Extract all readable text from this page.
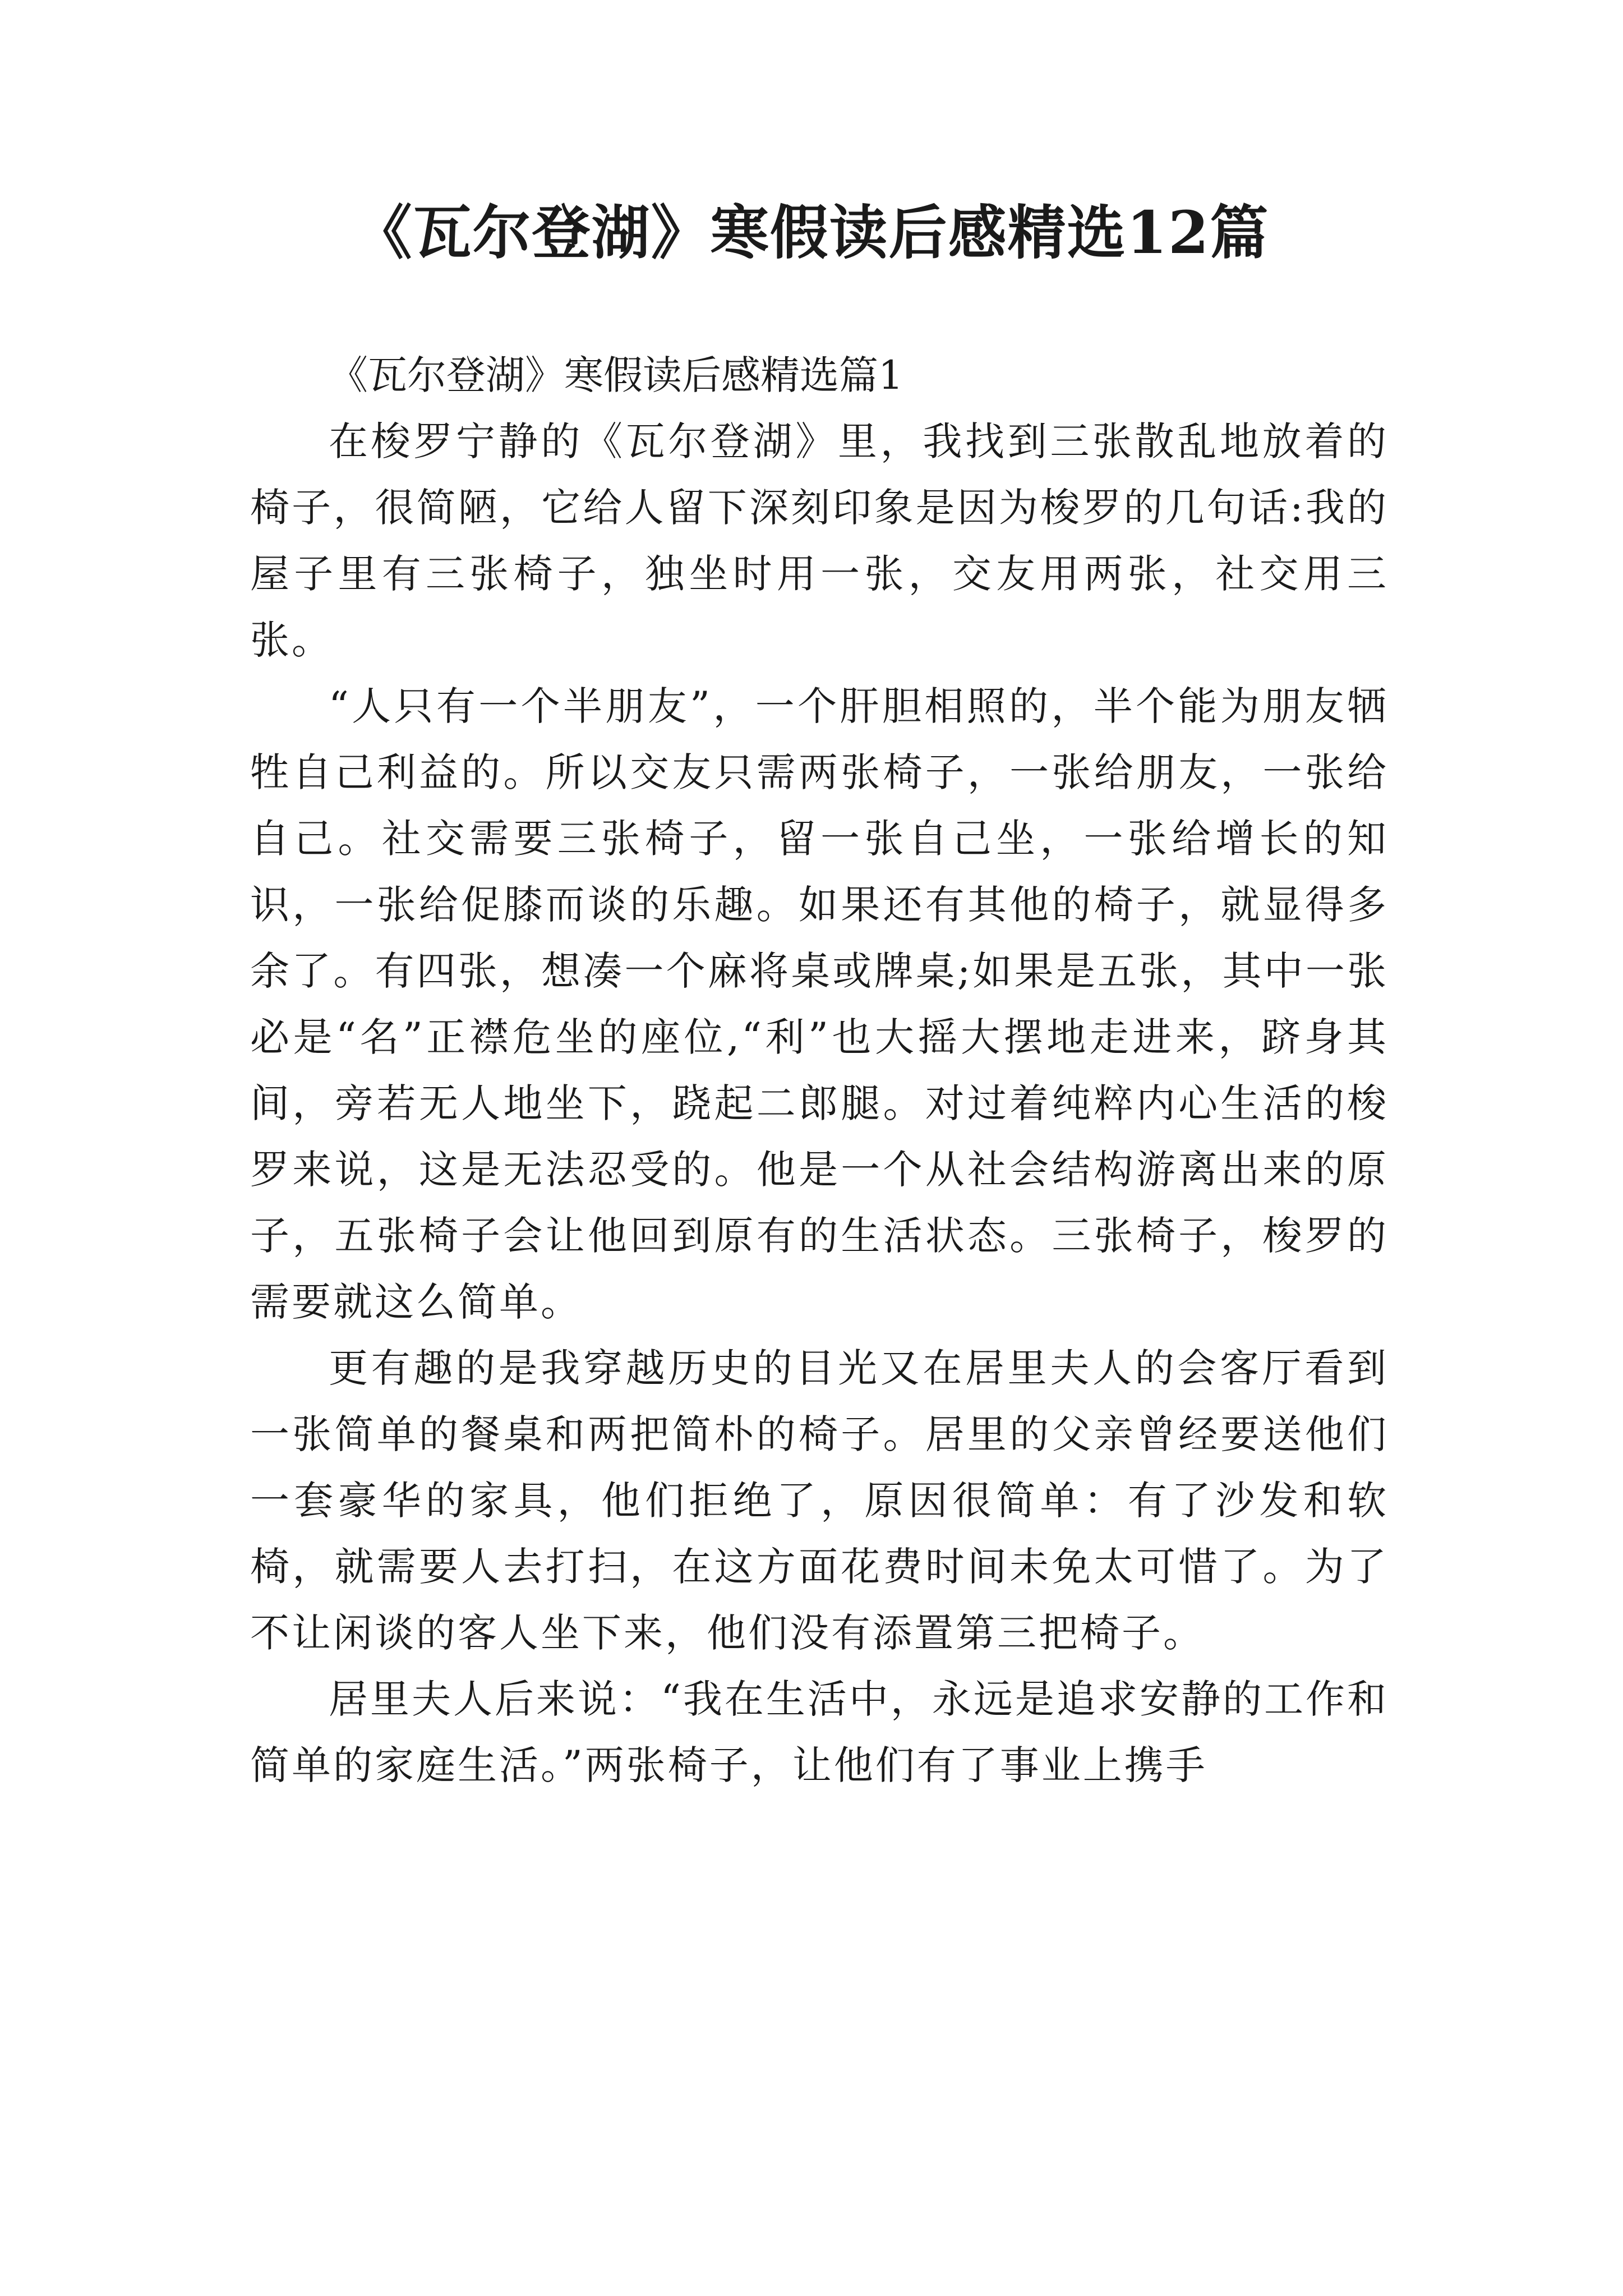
《瓦尔登湖》寒假读后感精选12篇
《瓦尔登湖》寒假读后感精选篇1

在梭罗宁静的《瓦尔登湖》里，我找到三张散乱地放着的椅子，很简陋，它给人留下深刻印象是因为梭罗的几句话:我的屋子里有三张椅子，独坐时用一张，交友用两张，社交用三张。

“人只有一个半朋友”，一个肝胆相照的，半个能为朋友牺牲自己利益的。所以交友只需两张椅子，一张给朋友，一张给自己。社交需要三张椅子，留一张自己坐，一张给增长的知识，一张给促膝而谈的乐趣。如果还有其他的椅子，就显得多余了。有四张，想凑一个麻将桌或牌桌;如果是五张，其中一张必是“名”正襟危坐的座位,“利”也大摇大摆地走进来，跻身其间，旁若无人地坐下，跷起二郎腿。对过着纯粹内心生活的梭罗来说，这是无法忍受的。他是一个从社会结构游离出来的原子，五张椅子会让他回到原有的生活状态。三张椅子，梭罗的需要就这么简单。

更有趣的是我穿越历史的目光又在居里夫人的会客厅看到一张简单的餐桌和两把简朴的椅子。居里的父亲曾经要送他们一套豪华的家具，他们拒绝了，原因很简单：有了沙发和软椅，就需要人去打扫，在这方面花费时间未免太可惜了。为了不让闲谈的客人坐下来，他们没有添置第三把椅子。

居里夫人后来说：“我在生活中，永远是追求安静的工作和简单的家庭生活。”两张椅子，让他们有了事业上携手
